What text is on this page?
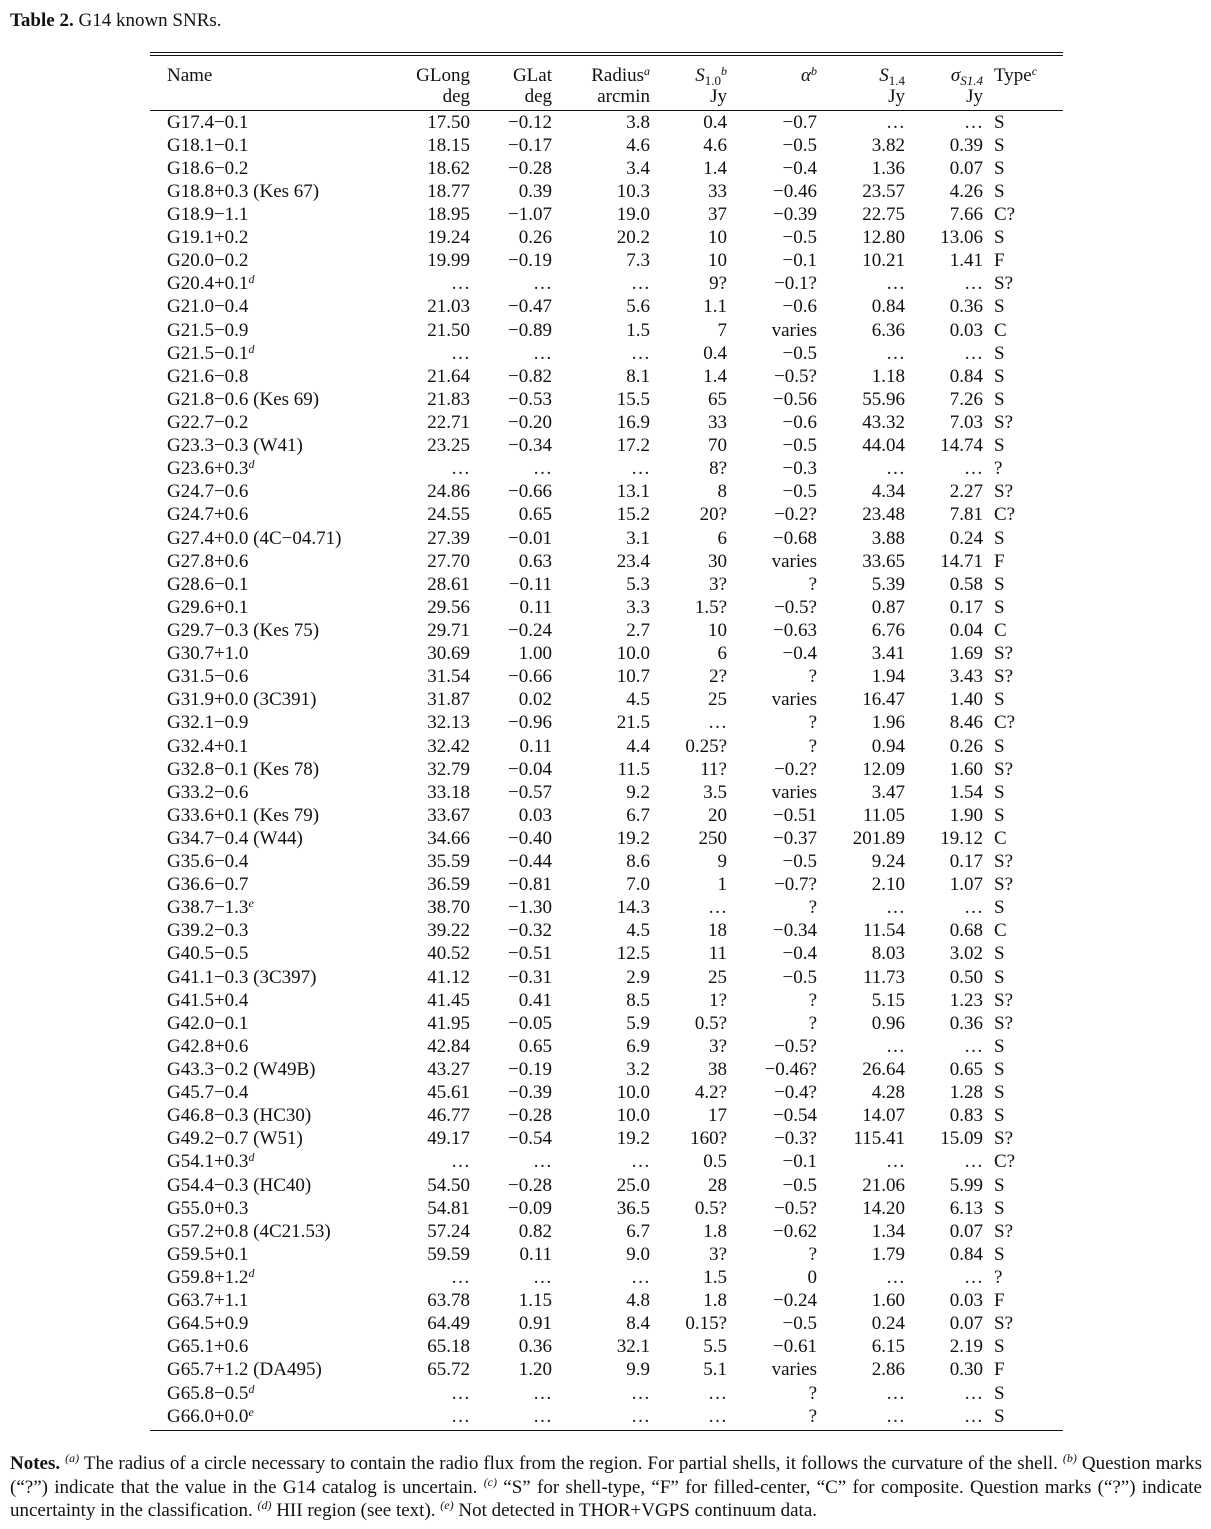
Table 2. G14 known SNRs.
Name	GLong	GLat	Radius$^a$	$S_{1.0}^b$	$\alpha^b$	$S_{1.4}$	$\sigma_{S1.4}$	Type$^c$
	deg	deg	arcmin	Jy		Jy	Jy	

G17.4−0.1	17.50	−0.12	3.8	0.4	−0.7	…	…	S
G18.1−0.1	18.15	−0.17	4.6	4.6	−0.5	3.82	0.39	S
G18.6−0.2	18.62	−0.28	3.4	1.4	−0.4	1.36	0.07	S
G18.8+0.3 (Kes 67)	18.77	0.39	10.3	33	−0.46	23.57	4.26	S
G18.9−1.1	18.95	−1.07	19.0	37	−0.39	22.75	7.66	C?
G19.1+0.2	19.24	0.26	20.2	10	−0.5	12.80	13.06	S
G20.0−0.2	19.99	−0.19	7.3	10	−0.1	10.21	1.41	F
G20.4+0.1$^d$	…	…	…	9?	−0.1?	…	…	S?
G21.0−0.4	21.03	−0.47	5.6	1.1	−0.6	0.84	0.36	S
G21.5−0.9	21.50	−0.89	1.5	7	varies	6.36	0.03	C
G21.5−0.1$^d$	…	…	…	0.4	−0.5	…	…	S
G21.6−0.8	21.64	−0.82	8.1	1.4	−0.5?	1.18	0.84	S
G21.8−0.6 (Kes 69)	21.83	−0.53	15.5	65	−0.56	55.96	7.26	S
G22.7−0.2	22.71	−0.20	16.9	33	−0.6	43.32	7.03	S?
G23.3−0.3 (W41)	23.25	−0.34	17.2	70	−0.5	44.04	14.74	S
G23.6+0.3$^d$	…	…	…	8?	−0.3	…	…	?
G24.7−0.6	24.86	−0.66	13.1	8	−0.5	4.34	2.27	S?
G24.7+0.6	24.55	0.65	15.2	20?	−0.2?	23.48	7.81	C?
G27.4+0.0 (4C−04.71)	27.39	−0.01	3.1	6	−0.68	3.88	0.24	S
G27.8+0.6	27.70	0.63	23.4	30	varies	33.65	14.71	F
G28.6−0.1	28.61	−0.11	5.3	3?	?	5.39	0.58	S
G29.6+0.1	29.56	0.11	3.3	1.5?	−0.5?	0.87	0.17	S
G29.7−0.3 (Kes 75)	29.71	−0.24	2.7	10	−0.63	6.76	0.04	C
G30.7+1.0	30.69	1.00	10.0	6	−0.4	3.41	1.69	S?
G31.5−0.6	31.54	−0.66	10.7	2?	?	1.94	3.43	S?
G31.9+0.0 (3C391)	31.87	0.02	4.5	25	varies	16.47	1.40	S
G32.1−0.9	32.13	−0.96	21.5	…	?	1.96	8.46	C?
G32.4+0.1	32.42	0.11	4.4	0.25?	?	0.94	0.26	S
G32.8−0.1 (Kes 78)	32.79	−0.04	11.5	11?	−0.2?	12.09	1.60	S?
G33.2−0.6	33.18	−0.57	9.2	3.5	varies	3.47	1.54	S
G33.6+0.1 (Kes 79)	33.67	0.03	6.7	20	−0.51	11.05	1.90	S
G34.7−0.4 (W44)	34.66	−0.40	19.2	250	−0.37	201.89	19.12	C
G35.6−0.4	35.59	−0.44	8.6	9	−0.5	9.24	0.17	S?
G36.6−0.7	36.59	−0.81	7.0	1	−0.7?	2.10	1.07	S?
G38.7−1.3$^e$	38.70	−1.30	14.3	…	?	…	…	S
G39.2−0.3	39.22	−0.32	4.5	18	−0.34	11.54	0.68	C
G40.5−0.5	40.52	−0.51	12.5	11	−0.4	8.03	3.02	S
G41.1−0.3 (3C397)	41.12	−0.31	2.9	25	−0.5	11.73	0.50	S
G41.5+0.4	41.45	0.41	8.5	1?	?	5.15	1.23	S?
G42.0−0.1	41.95	−0.05	5.9	0.5?	?	0.96	0.36	S?
G42.8+0.6	42.84	0.65	6.9	3?	−0.5?	…	…	S
G43.3−0.2 (W49B)	43.27	−0.19	3.2	38	−0.46?	26.64	0.65	S
G45.7−0.4	45.61	−0.39	10.0	4.2?	−0.4?	4.28	1.28	S
G46.8−0.3 (HC30)	46.77	−0.28	10.0	17	−0.54	14.07	0.83	S
G49.2−0.7 (W51)	49.17	−0.54	19.2	160?	−0.3?	115.41	15.09	S?
G54.1+0.3$^d$	…	…	…	0.5	−0.1	…	…	C?
G54.4−0.3 (HC40)	54.50	−0.28	25.0	28	−0.5	21.06	5.99	S
G55.0+0.3	54.81	−0.09	36.5	0.5?	−0.5?	14.20	6.13	S
G57.2+0.8 (4C21.53)	57.24	0.82	6.7	1.8	−0.62	1.34	0.07	S?
G59.5+0.1	59.59	0.11	9.0	3?	?	1.79	0.84	S
G59.8+1.2$^d$	…	…	…	1.5	0	…	…	?
G63.7+1.1	63.78	1.15	4.8	1.8	−0.24	1.60	0.03	F
G64.5+0.9	64.49	0.91	8.4	0.15?	−0.5	0.24	0.07	S?
G65.1+0.6	65.18	0.36	32.1	5.5	−0.61	6.15	2.19	S
G65.7+1.2 (DA495)	65.72	1.20	9.9	5.1	varies	2.86	0.30	F
G65.8−0.5$^d$	…	…	…	…	?	…	…	S
G66.0+0.0$^e$	…	…	…	…	?	…	…	S
Notes. $^{(a)}$ The radius of a circle necessary to contain the radio flux from the region. For partial shells, it follows the curvature of the shell. $^{(b)}$ Question marks (“?”) indicate that the value in the G14 catalog is uncertain. $^{(c)}$ “S” for shell-type, “F” for filled-center, “C” for composite. Question marks (“?”) indicate uncertainty in the classification. $^{(d)}$ HII region (see text). $^{(e)}$ Not detected in THOR+VGPS continuum data.
